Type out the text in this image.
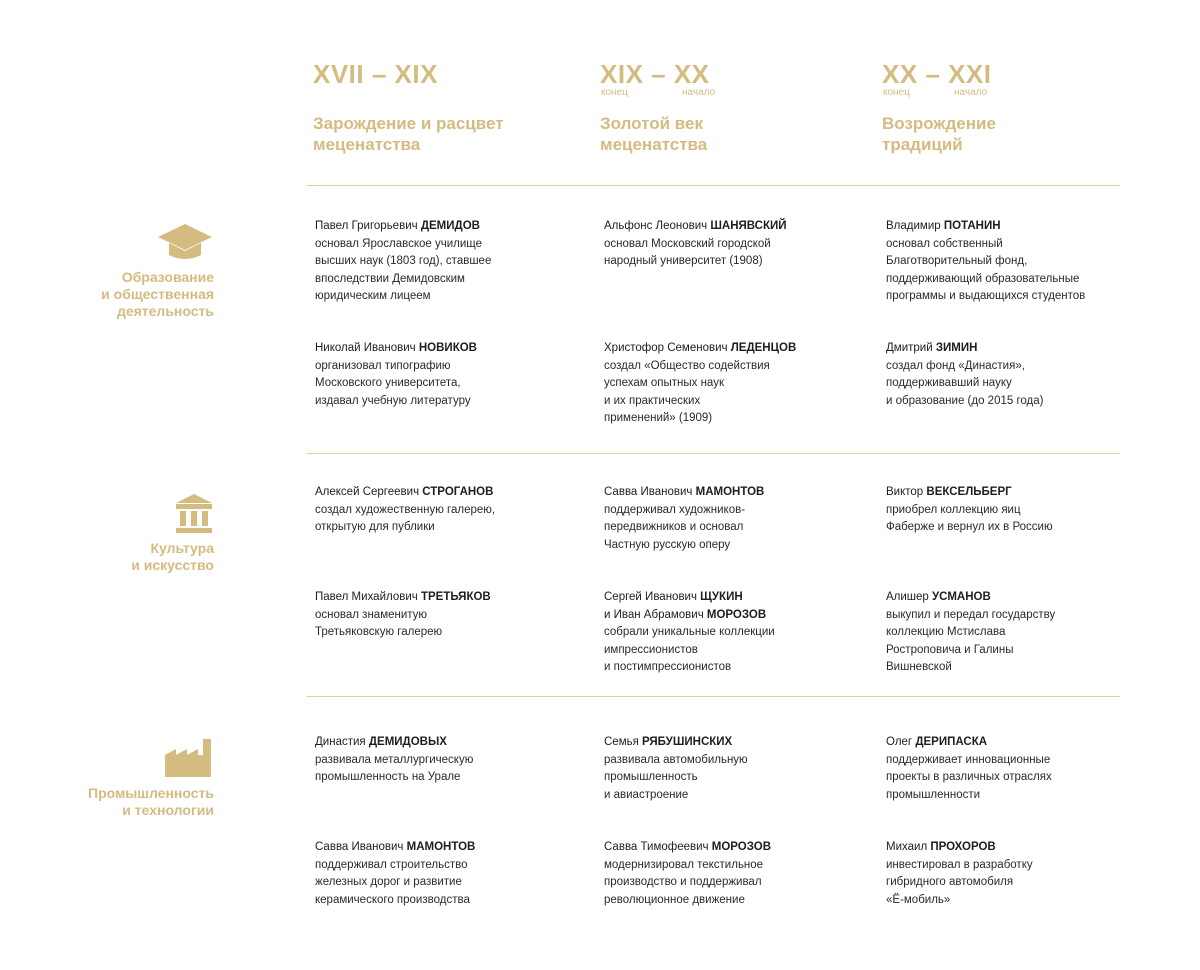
XVII – XIX
Зарождение и расцвет
меценатства
XIX – XX
конец	начало
Золотой век
меценатства
XX – XXI
конец	начало
Возрождение
традиций
Образование
и общественная
деятельность
Культура
и искусство
Промышленность
и технологии
Павел Григорьевич ДЕМИДОВ
основал Ярославское училище
высших наук (1803 год), ставшее
впоследствии Демидовским
юридическим лицеем
Альфонс Леонович ШАНЯВСКИЙ
основал Московский городской
народный университет (1908)
Владимир ПОТАНИН
основал собственный
Благотворительный фонд,
поддерживающий образовательные
программы и выдающихся студентов
Николай Иванович НОВИКОВ
организовал типографию
Московского университета,
издавал учебную литературу
Христофор Семенович ЛЕДЕНЦОВ
создал «Общество содействия
успехам опытных наук
и их практических
применений» (1909)
Дмитрий ЗИМИН
создал фонд «Династия»,
поддерживавший науку
и образование (до 2015 года)
Алексей Сергеевич СТРОГАНОВ
создал художественную галерею,
открытую для публики
Савва Иванович МАМОНТОВ
поддерживал художников-
передвижников и основал
Частную русскую оперу
Виктор ВЕКСЕЛЬБЕРГ
приобрел коллекцию яиц
Фаберже и вернул их в Россию
Павел Михайлович ТРЕТЬЯКОВ
основал знаменитую
Третьяковскую галерею
Сергей Иванович ЩУКИН
и Иван Абрамович МОРОЗОВ
собрали уникальные коллекции
импрессионистов
и постимпрессионистов
Алишер УСМАНОВ
выкупил и передал государству
коллекцию Мстислава
Ростроповича и Галины
Вишневской
Династия ДЕМИДОВЫХ
развивала металлургическую
промышленность на Урале
Семья РЯБУШИНСКИХ
развивала автомобильную
промышленность
и авиастроение
Олег ДЕРИПАСКА
поддерживает инновационные
проекты в различных отраслях
промышленности
Савва Иванович МАМОНТОВ
поддерживал строительство
железных дорог и развитие
керамического производства
Савва Тимофеевич МОРОЗОВ
модернизировал текстильное
производство и поддерживал
революционное движение
Михаил ПРОХОРОВ
инвестировал в разработку
гибридного автомобиля
«Ё-мобиль»
